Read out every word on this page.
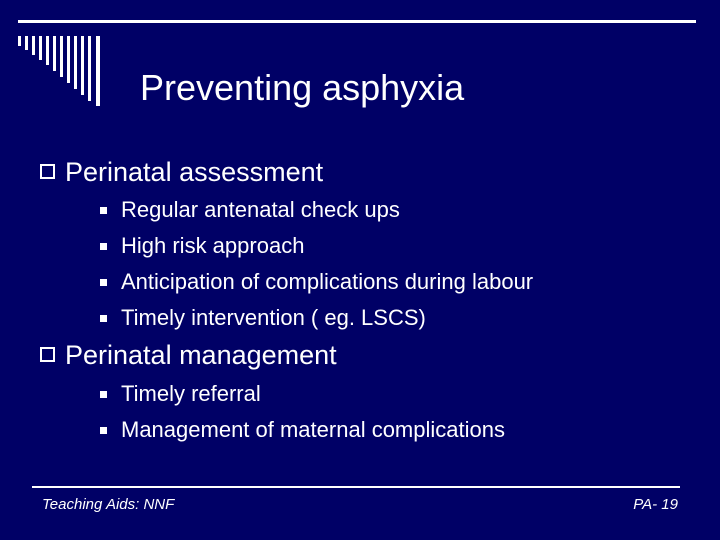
Preventing asphyxia
Perinatal assessment
Regular antenatal check ups
High risk approach
Anticipation of complications during labour
Timely intervention ( eg. LSCS)
Perinatal management
Timely referral
Management of maternal complications
Teaching Aids: NNF	PA- 19
